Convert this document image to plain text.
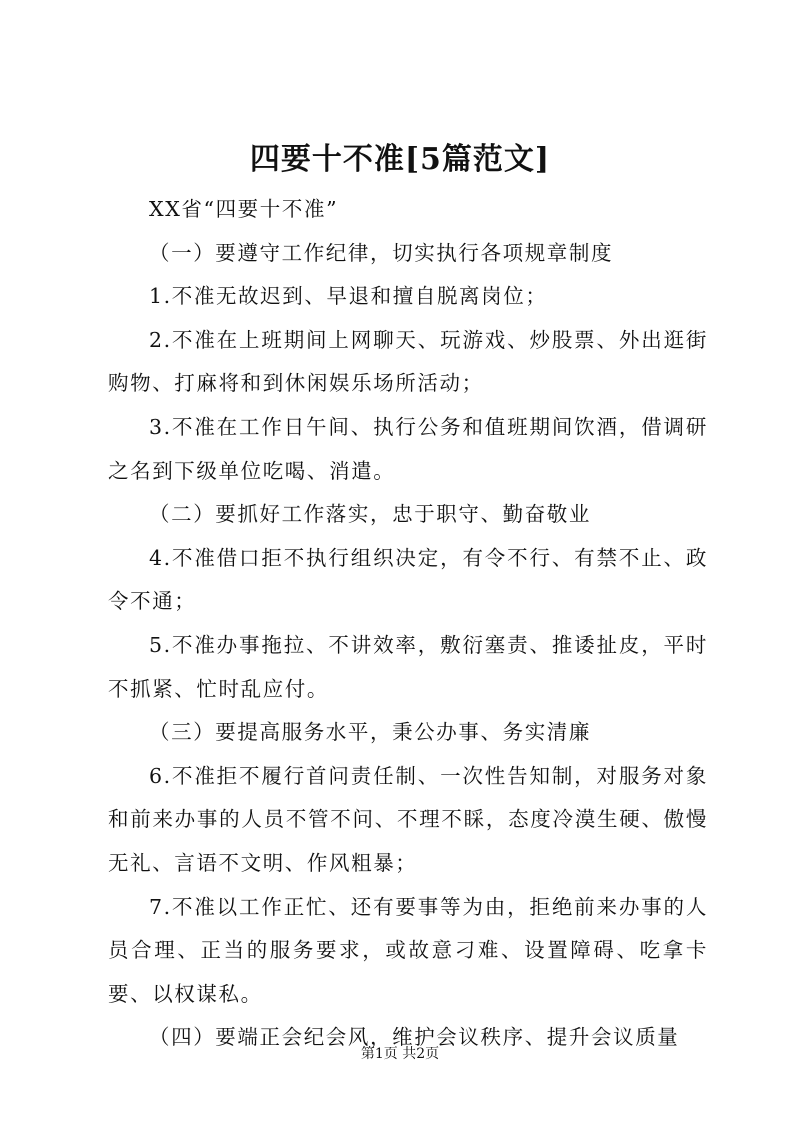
四要十不准[5篇范文]

XX省“四要十不准”

（一）要遵守工作纪律，切实执行各项规章制度

1.不准无故迟到、早退和擅自脱离岗位；

2.不准在上班期间上网聊天、玩游戏、炒股票、外出逛街购物、打麻将和到休闲娱乐场所活动；

3.不准在工作日午间、执行公务和值班期间饮酒，借调研之名到下级单位吃喝、消遣。

（二）要抓好工作落实，忠于职守、勤奋敬业

4.不准借口拒不执行组织决定，有令不行、有禁不止、政令不通；

5.不准办事拖拉、不讲效率，敷衍塞责、推诿扯皮，平时不抓紧、忙时乱应付。

（三）要提高服务水平，秉公办事、务实清廉

6.不准拒不履行首问责任制、一次性告知制，对服务对象和前来办事的人员不管不问、不理不睬，态度冷漠生硬、傲慢无礼、言语不文明、作风粗暴；

7.不准以工作正忙、还有要事等为由，拒绝前来办事的人员合理、正当的服务要求，或故意刁难、设置障碍、吃拿卡要、以权谋私。

（四）要端正会纪会风，维护会议秩序、提升会议质量

第1页 共2页
